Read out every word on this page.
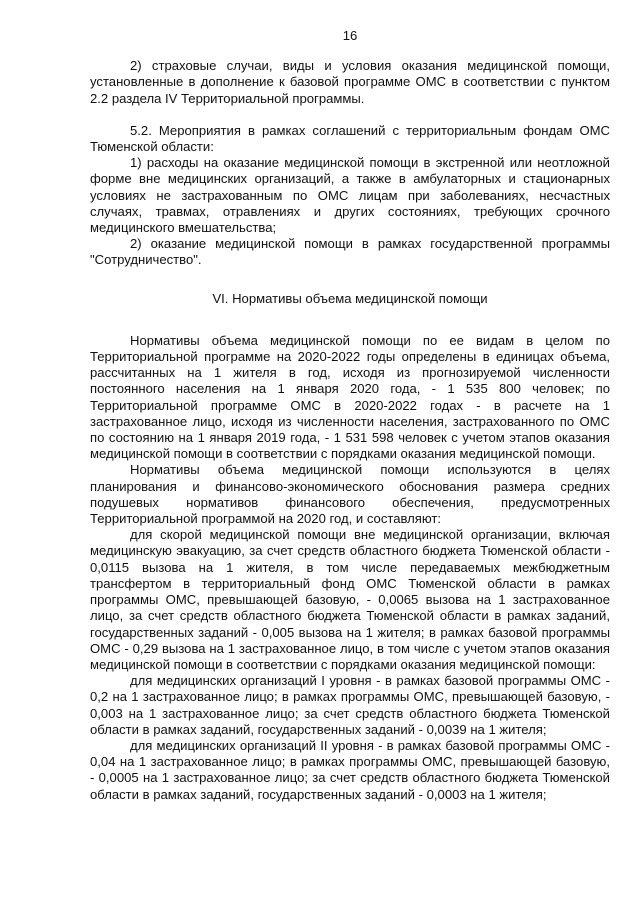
16

2) страховые случаи, виды и условия оказания медицинской помощи, установленные в дополнение к базовой программе ОМС в соответствии с пунктом 2.2 раздела IV Территориальной программы.

5.2. Мероприятия в рамках соглашений с территориальным фондам ОМС Тюменской области:

1) расходы на оказание медицинской помощи в экстренной или неотложной форме вне медицинских организаций, а также в амбулаторных и стационарных условиях не застрахованным по ОМС лицам при заболеваниях, несчастных случаях, травмах, отравлениях и других состояниях, требующих срочного медицинского вмешательства;

2) оказание медицинской помощи в рамках государственной программы "Сотрудничество".

VI. Нормативы объема медицинской помощи

Нормативы объема медицинской помощи по ее видам в целом по Территориальной программе на 2020-2022 годы определены в единицах объема, рассчитанных на 1 жителя в год, исходя из прогнозируемой численности постоянного населения на 1 января 2020 года, - 1 535 800 человек; по Территориальной программе ОМС в 2020-2022 годах - в расчете на 1 застрахованное лицо, исходя из численности населения, застрахованного по ОМС по состоянию на 1 января 2019 года, - 1 531 598 человек с учетом этапов оказания медицинской помощи в соответствии с порядками оказания медицинской помощи.

Нормативы объема медицинской помощи используются в целях планирования и финансово-экономического обоснования размера средних подушевых нормативов финансового обеспечения, предусмотренных Территориальной программой на 2020 год, и составляют:

для скорой медицинской помощи вне медицинской организации, включая медицинскую эвакуацию, за счет средств областного бюджета Тюменской области - 0,0115 вызова на 1 жителя, в том числе передаваемых межбюджетным трансфертом в территориальный фонд ОМС Тюменской области в рамках программы ОМС, превышающей базовую, - 0,0065 вызова на 1 застрахованное лицо, за счет средств областного бюджета Тюменской области в рамках заданий, государственных заданий - 0,005 вызова на 1 жителя; в рамках базовой программы ОМС - 0,29 вызова на 1 застрахованное лицо, в том числе с учетом этапов оказания медицинской помощи в соответствии с порядками оказания медицинской помощи:

для медицинских организаций I уровня - в рамках базовой программы ОМС - 0,2 на 1 застрахованное лицо; в рамках программы ОМС, превышающей базовую, - 0,003 на 1 застрахованное лицо; за счет средств областного бюджета Тюменской области в рамках заданий, государственных заданий - 0,0039 на 1 жителя;

для медицинских организаций II уровня - в рамках базовой программы ОМС - 0,04 на 1 застрахованное лицо; в рамках программы ОМС, превышающей базовую, - 0,0005 на 1 застрахованное лицо; за счет средств областного бюджета Тюменской области в рамках заданий, государственных заданий - 0,0003 на 1 жителя;
